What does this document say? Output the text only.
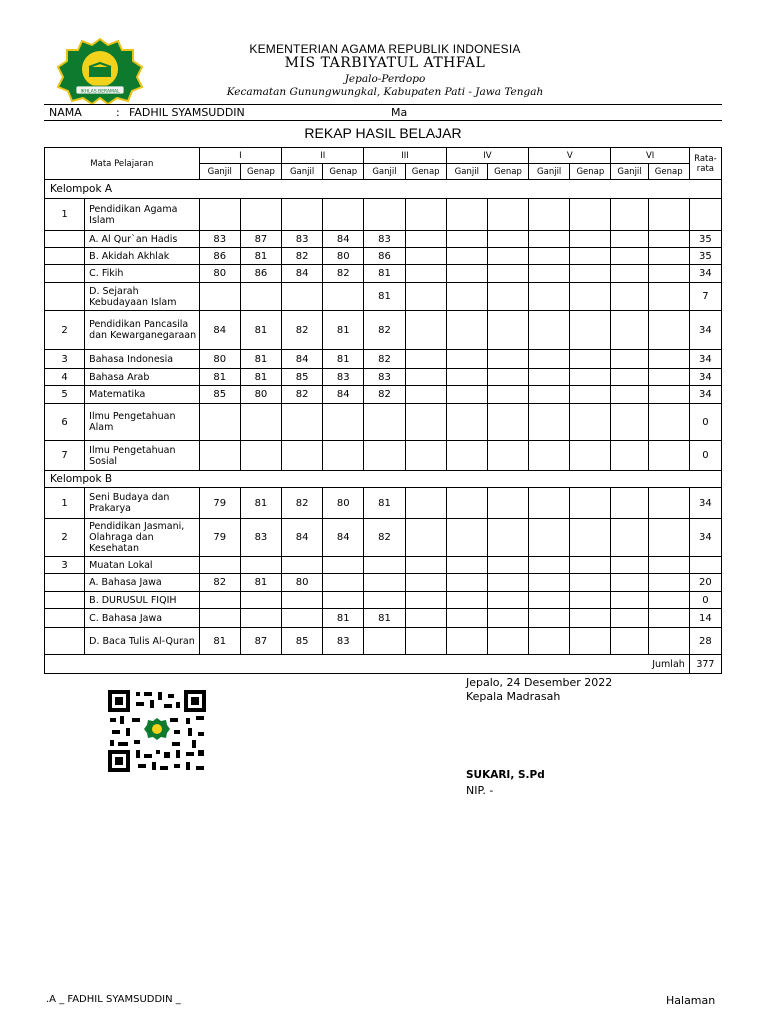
IKHLAS BERAMAL
KEMENTERIAN AGAMA REPUBLIK INDONESIA
MIS TARBIYATUL ATHFAL
Jepalo-Perdopo
Kecamatan Gunungwungkal, Kabupaten Pati - Jawa Tengah
NAMA	: FADHIL SYAMSUDDIN	Ma
REKAP HASIL BELAJAR
Mata Pelajaran		I		II		III		IV		V		VI		Rata-
rata
		Ganjil	Genap	Ganjil	Genap	Ganjil	Genap	Ganjil	Genap	Ganjil	Genap	Ganjil	Genap	
Kelompok A														
1	Pendidikan Agama Islam													
	A. Al Qur`an Hadis	83	87	83	84	83								35
	B. Akidah Akhlak	86	81	82	80	86								35
	C. Fikih	80	86	84	82	81								34
	D. Sejarah Kebudayaan Islam					81								7
2	Pendidikan Pancasila dan Kewarganegaraan	84	81	82	81	82								34
3	Bahasa Indonesia	80	81	84	81	82								34
4	Bahasa Arab	81	81	85	83	83								34
5	Matematika	85	80	82	84	82								34
6	Ilmu Pengetahuan Alam													0
7	Ilmu Pengetahuan Sosial													0
Kelompok B														
1	Seni Budaya dan Prakarya	79	81	82	80	81								34
2	Pendidikan Jasmani, Olahraga dan Kesehatan	79	83	84	84	82								34
3	Muatan Lokal													
	A. Bahasa Jawa	82	81	80										20
	B. DURUSUL FIQIH													0
	C. Bahasa Jawa				81	81								14
	D. Baca Tulis Al-Quran	81	87	85	83									28
Jumlah														377
Jepalo, 24 Desember 2022
Kepala Madrasah
SUKARI, S.Pd
NIP. -
.A _ FADHIL SYAMSUDDIN _	Halaman
